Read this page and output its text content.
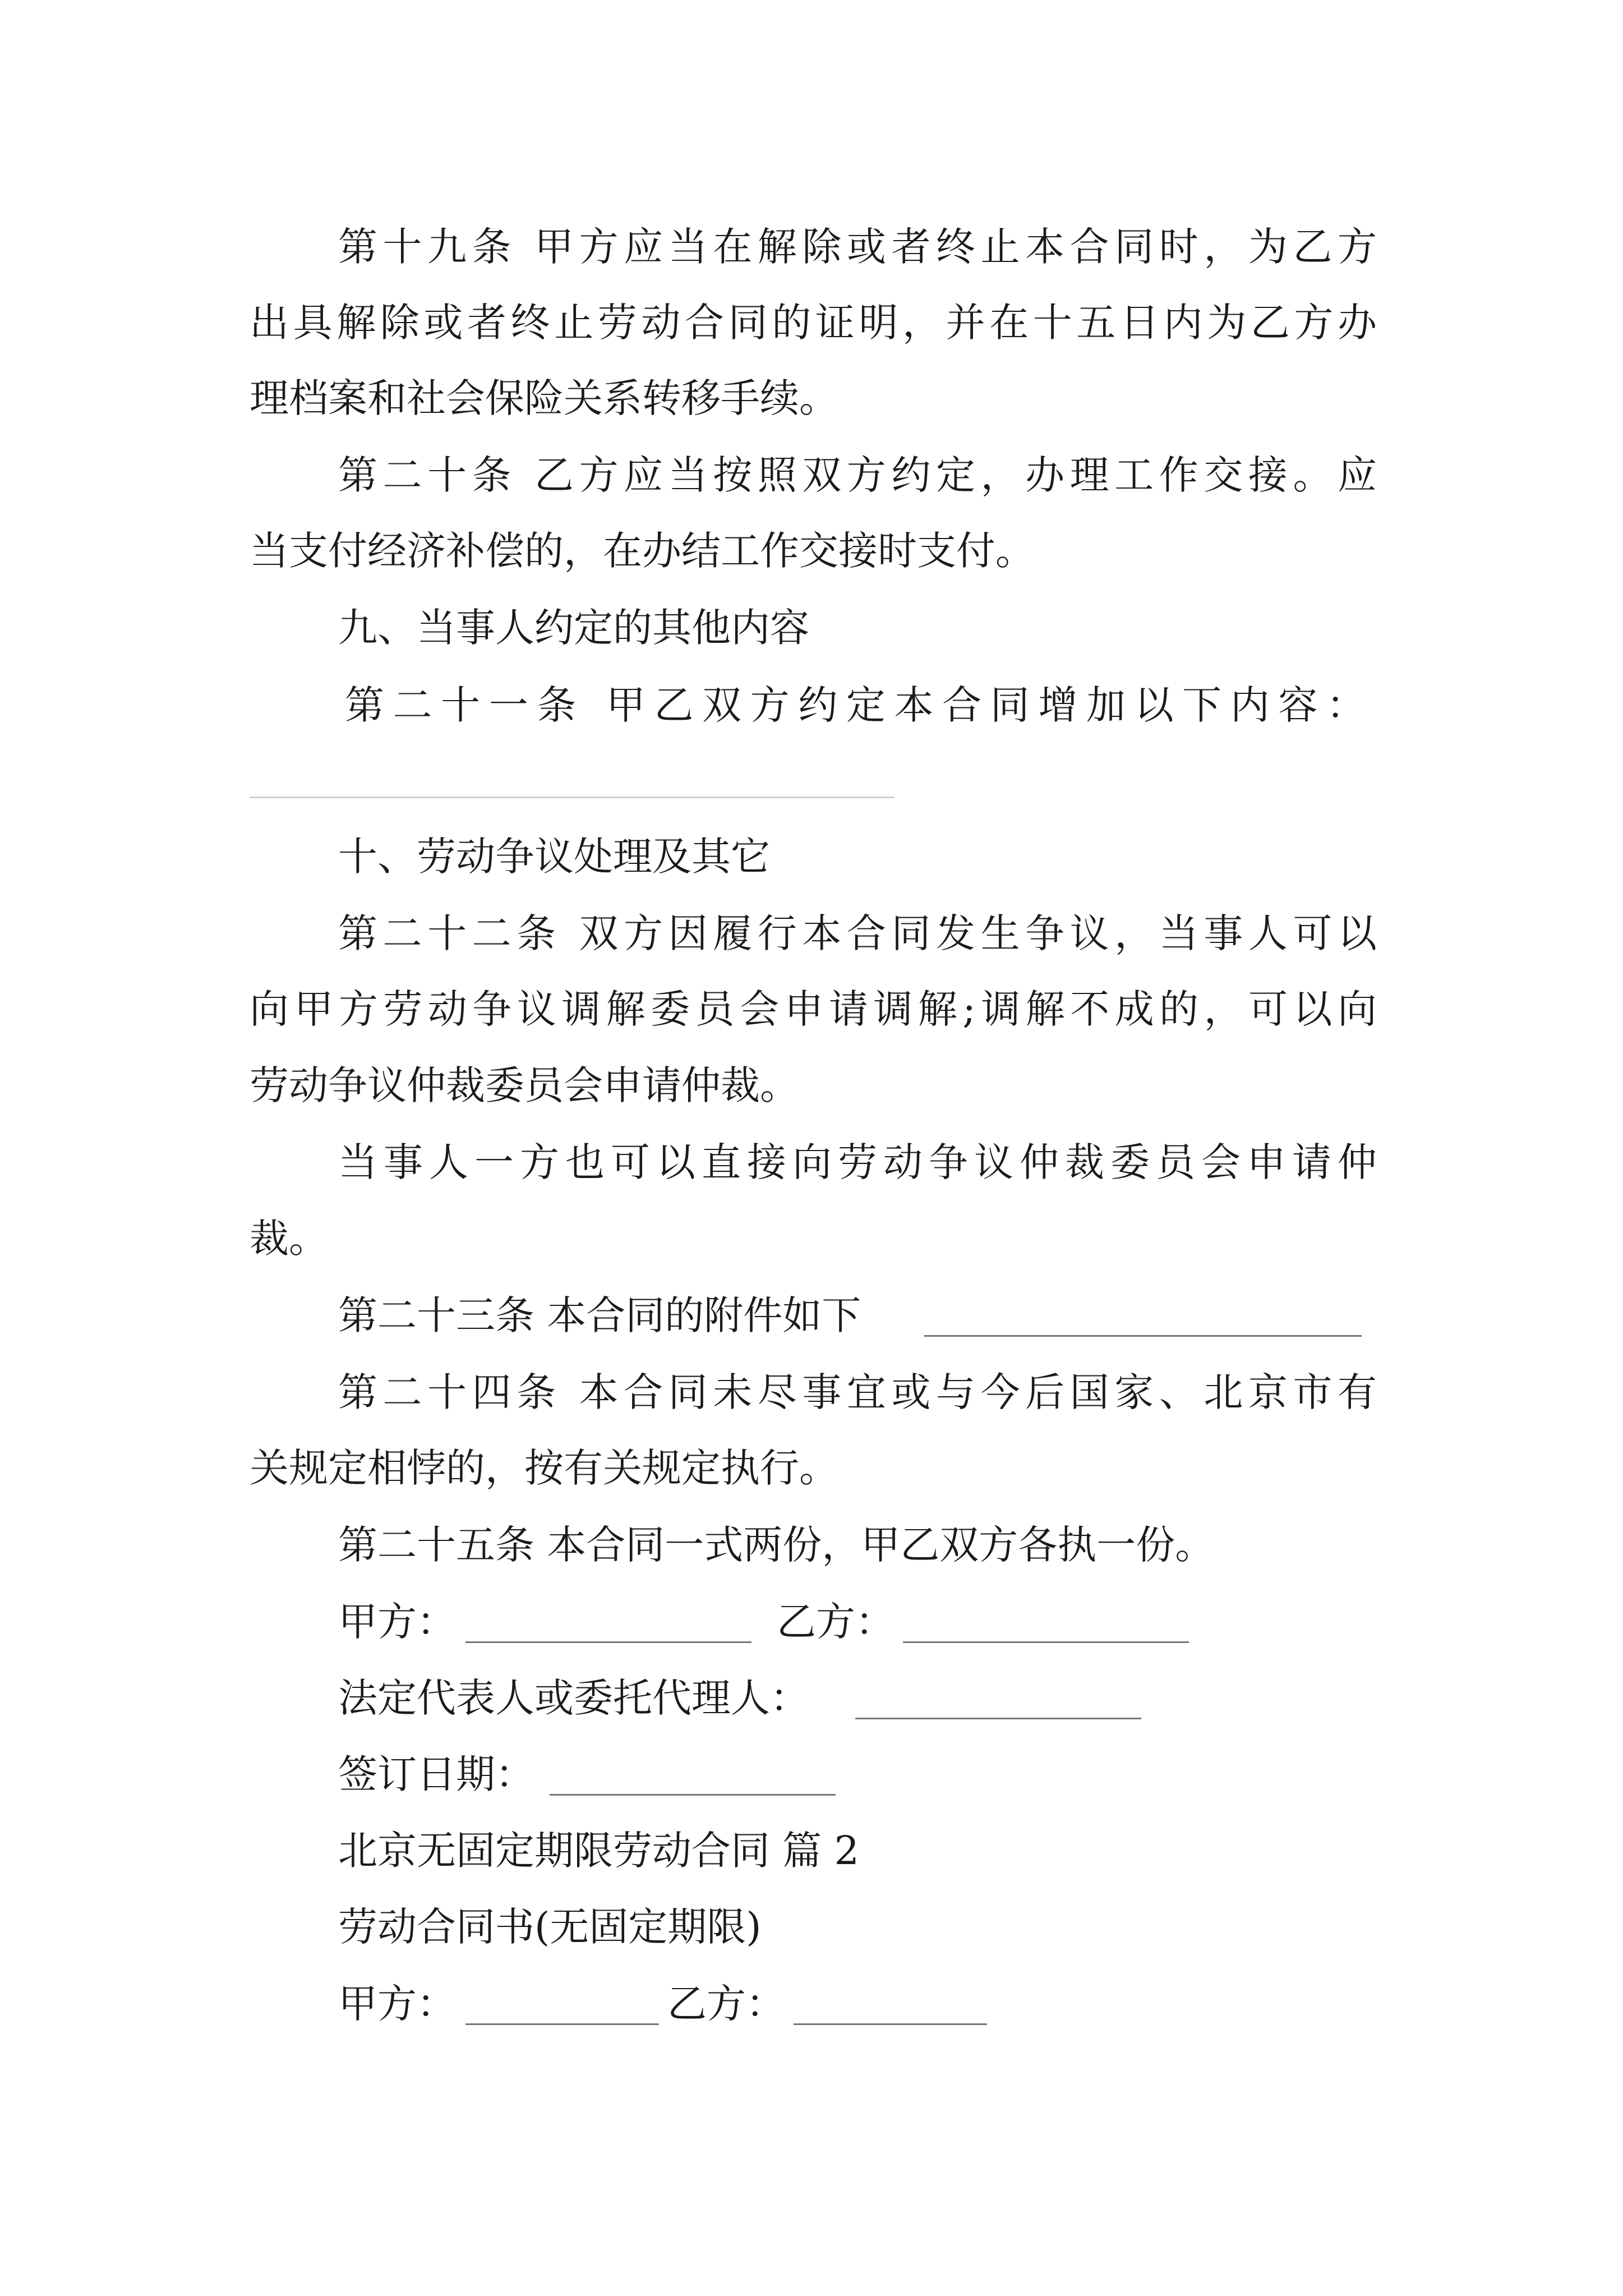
第十九条 甲方应当在解除或者终止本合同时，为乙方
出具解除或者终止劳动合同的证明，并在十五日内为乙方办
理档案和社会保险关系转移手续。
第二十条 乙方应当按照双方约定，办理工作交接。应
当支付经济补偿的，在办结工作交接时支付。
九、当事人约定的其他内容
第二十一条 甲乙双方约定本合同增加以下内容：
十、劳动争议处理及其它
第二十二条 双方因履行本合同发生争议，当事人可以
向甲方劳动争议调解委员会申请调解;调解不成的，可以向
劳动争议仲裁委员会申请仲裁。
当事人一方也可以直接向劳动争议仲裁委员会申请仲
裁。
第二十三条 本合同的附件如下
第二十四条 本合同未尽事宜或与今后国家、北京市有
关规定相悖的，按有关规定执行。
第二十五条 本合同一式两份，甲乙双方各执一份。
甲方：	乙方：
法定代表人或委托代理人：
签订日期：
北京无固定期限劳动合同 篇 2
劳动合同书(无固定期限)
甲方：	乙方：
